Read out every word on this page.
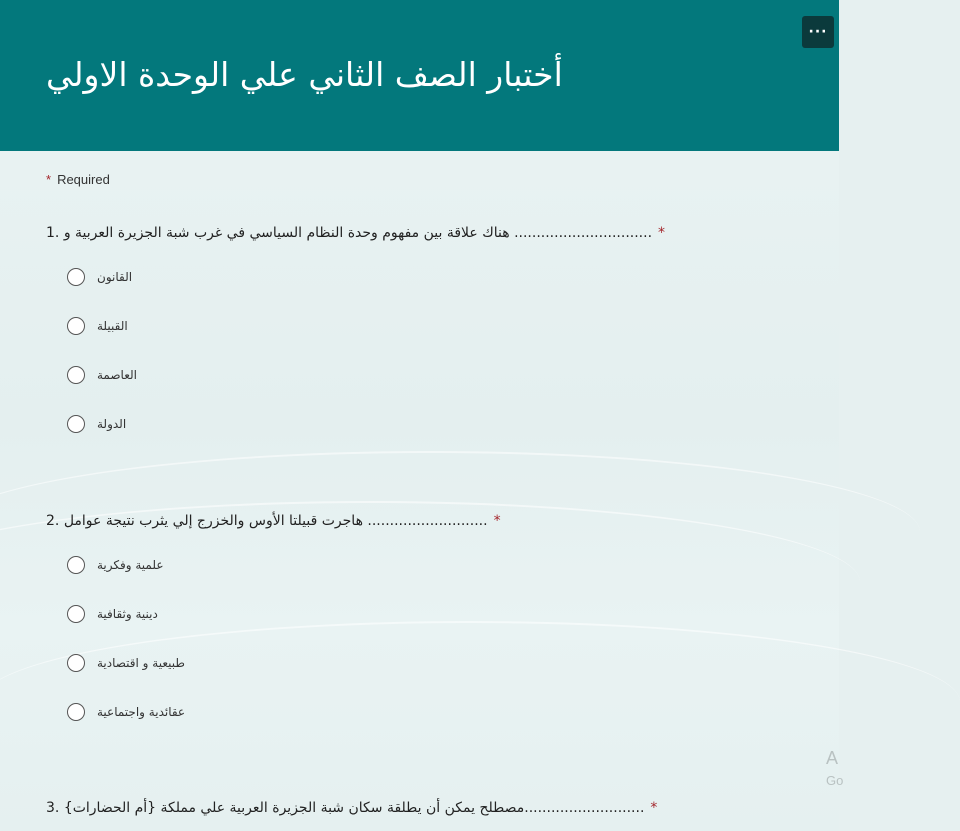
···
أختبار الصف الثاني علي الوحدة الاولي
* Required
1. هناك علاقة بين مفهوم وحدة النظام السياسي في غرب شبة الجزيرة العربية و ............................... *
القانون
القبيلة
العاصمة
الدولة
2. هاجرت قبيلتا الأوس والخزرج إلي يثرب نتيجة عوامل ........................... *
علمية وفكرية
دينية وثقافية
طبيعية و اقتصادية
عقائدية واجتماعية
3. مصطلح يمكن أن يطلقة سكان شبة الجزيرة العربية علي مملكة {أم الحضارات}........................... *
A
Go
